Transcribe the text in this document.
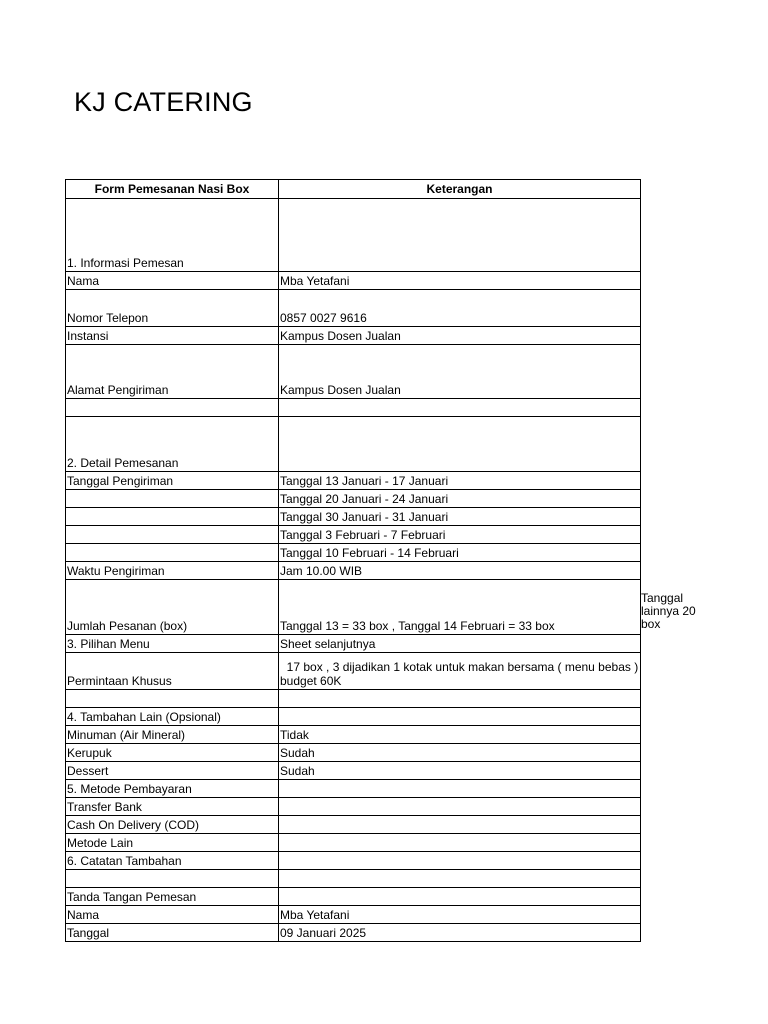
KJ CATERING
Form Pemesanan Nasi Box	Keterangan
1. Informasi Pemesan	
Nama	Mba Yetafani
Nomor Telepon	0857 0027 9616
Instansi	Kampus Dosen Jualan
Alamat Pengiriman	Kampus Dosen Jualan

2. Detail Pemesanan	
Tanggal Pengiriman	Tanggal 13 Januari - 17 Januari
	Tanggal 20 Januari - 24 Januari
	Tanggal 30 Januari - 31 Januari
	Tanggal 3 Februari - 7 Februari
	Tanggal 10 Februari - 14 Februari
Waktu Pengiriman	Jam 10.00 WIB
Jumlah Pesanan (box)	Tanggal 13 = 33 box , Tanggal 14 Februari = 33 box
3. Pilihan Menu	Sheet selanjutnya
Permintaan Khusus	17 box , 3 dijadikan 1 kotak untuk makan bersama ( menu bebas ) budget 60K

4. Tambahan Lain (Opsional)	
Minuman (Air Mineral)	Tidak
Kerupuk	Sudah
Dessert	Sudah
5. Metode Pembayaran	
Transfer Bank	
Cash On Delivery (COD)	
Metode Lain	
6. Catatan Tambahan	

Tanda Tangan Pemesan	
Nama	Mba Yetafani
Tanggal	09 Januari 2025
Tanggal lainnya 20 box
